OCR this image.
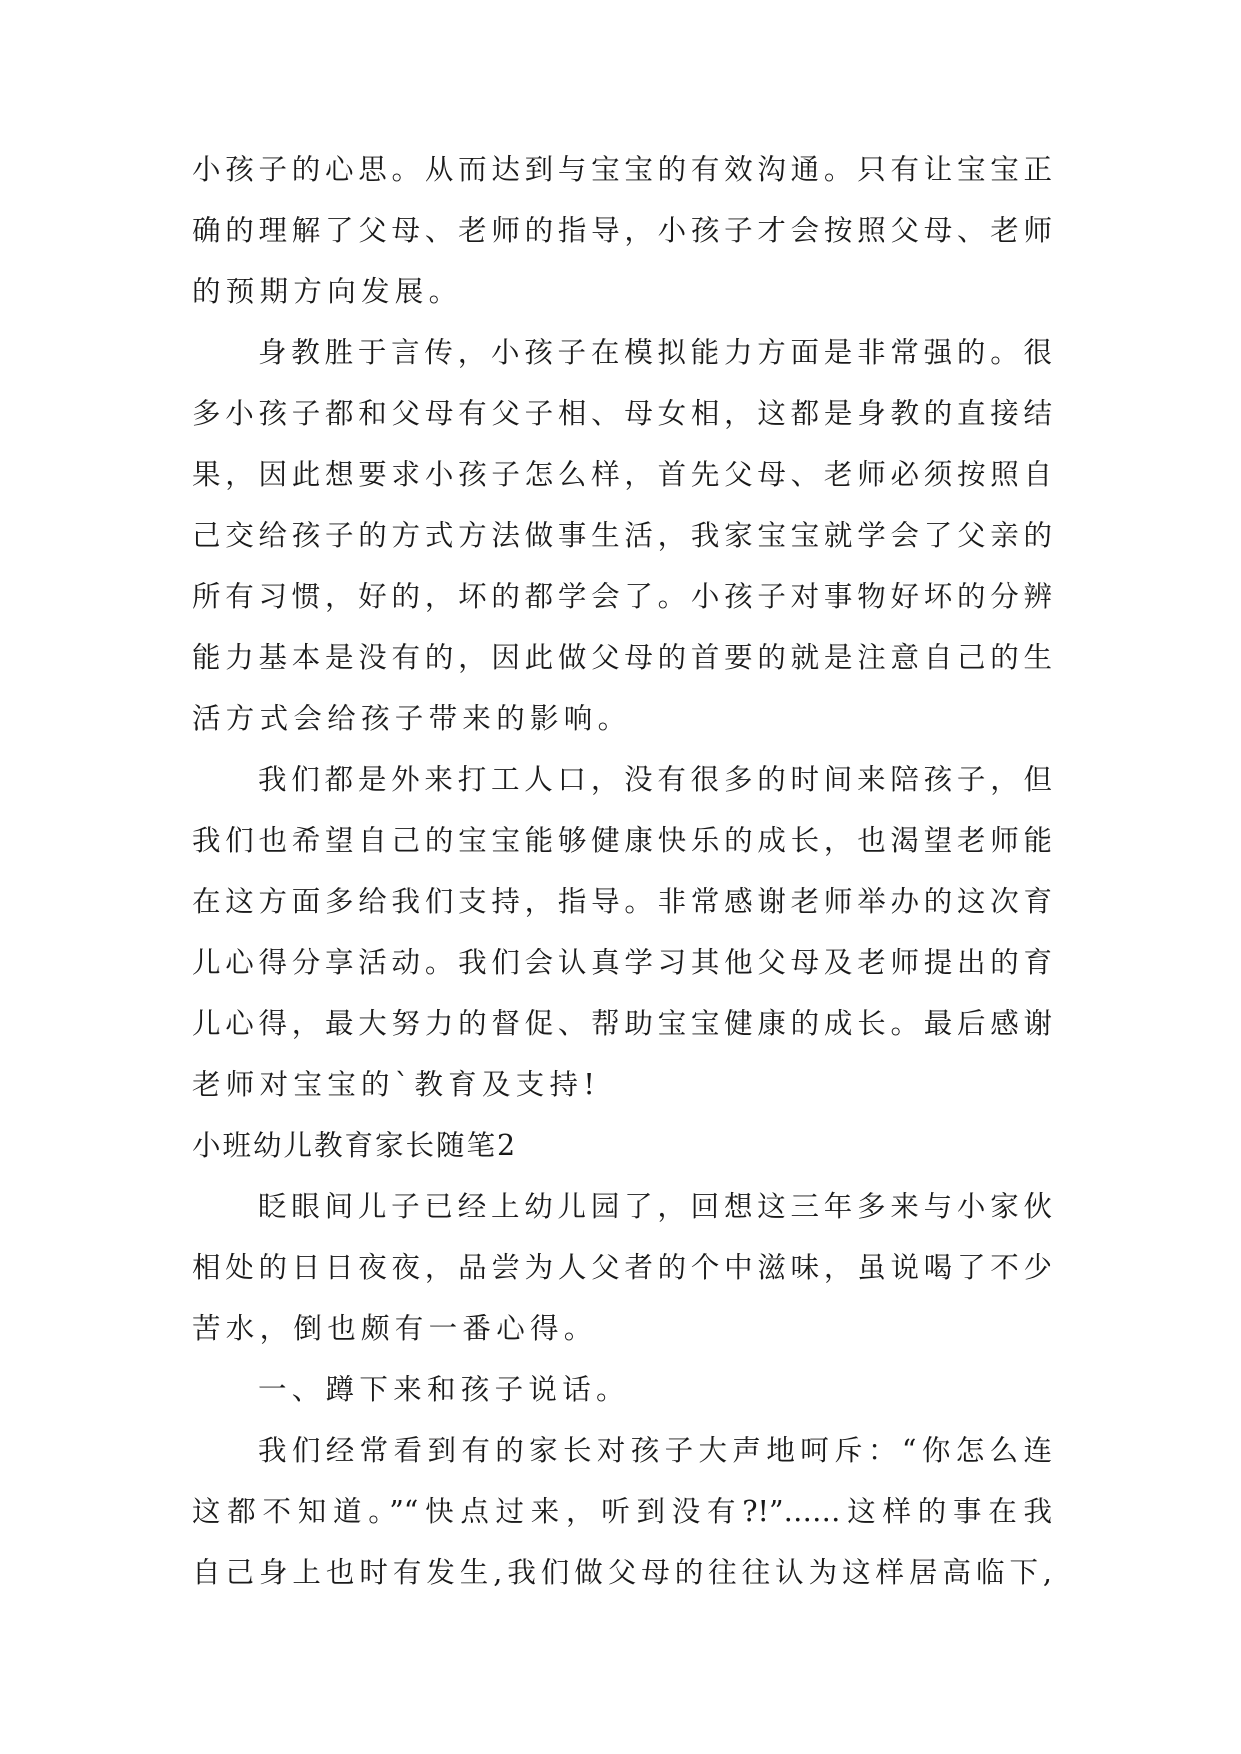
小孩子的心思。从而达到与宝宝的有效沟通。只有让宝宝正
确的理解了父母、老师的指导，小孩子才会按照父母、老师
的预期方向发展。
身教胜于言传，小孩子在模拟能力方面是非常强的。很
多小孩子都和父母有父子相、母女相，这都是身教的直接结
果，因此想要求小孩子怎么样，首先父母、老师必须按照自
己交给孩子的方式方法做事生活，我家宝宝就学会了父亲的
所有习惯，好的，坏的都学会了。小孩子对事物好坏的分辨
能力基本是没有的，因此做父母的首要的就是注意自己的生
活方式会给孩子带来的影响。
我们都是外来打工人口，没有很多的时间来陪孩子，但
我们也希望自己的宝宝能够健康快乐的成长，也渴望老师能
在这方面多给我们支持，指导。非常感谢老师举办的这次育
儿心得分享活动。我们会认真学习其他父母及老师提出的育
儿心得，最大努力的督促、帮助宝宝健康的成长。最后感谢
老师对宝宝的`教育及支持!
小班幼儿教育家长随笔2
眨眼间儿子已经上幼儿园了，回想这三年多来与小家伙
相处的日日夜夜，品尝为人父者的个中滋味，虽说喝了不少
苦水，倒也颇有一番心得。
一、蹲下来和孩子说话。
我们经常看到有的家长对孩子大声地呵斥：“你怎么连
这都不知道。”“快点过来，听到没有?!”……这样的事在我
自己身上也时有发生,我们做父母的往往认为这样居高临下,
